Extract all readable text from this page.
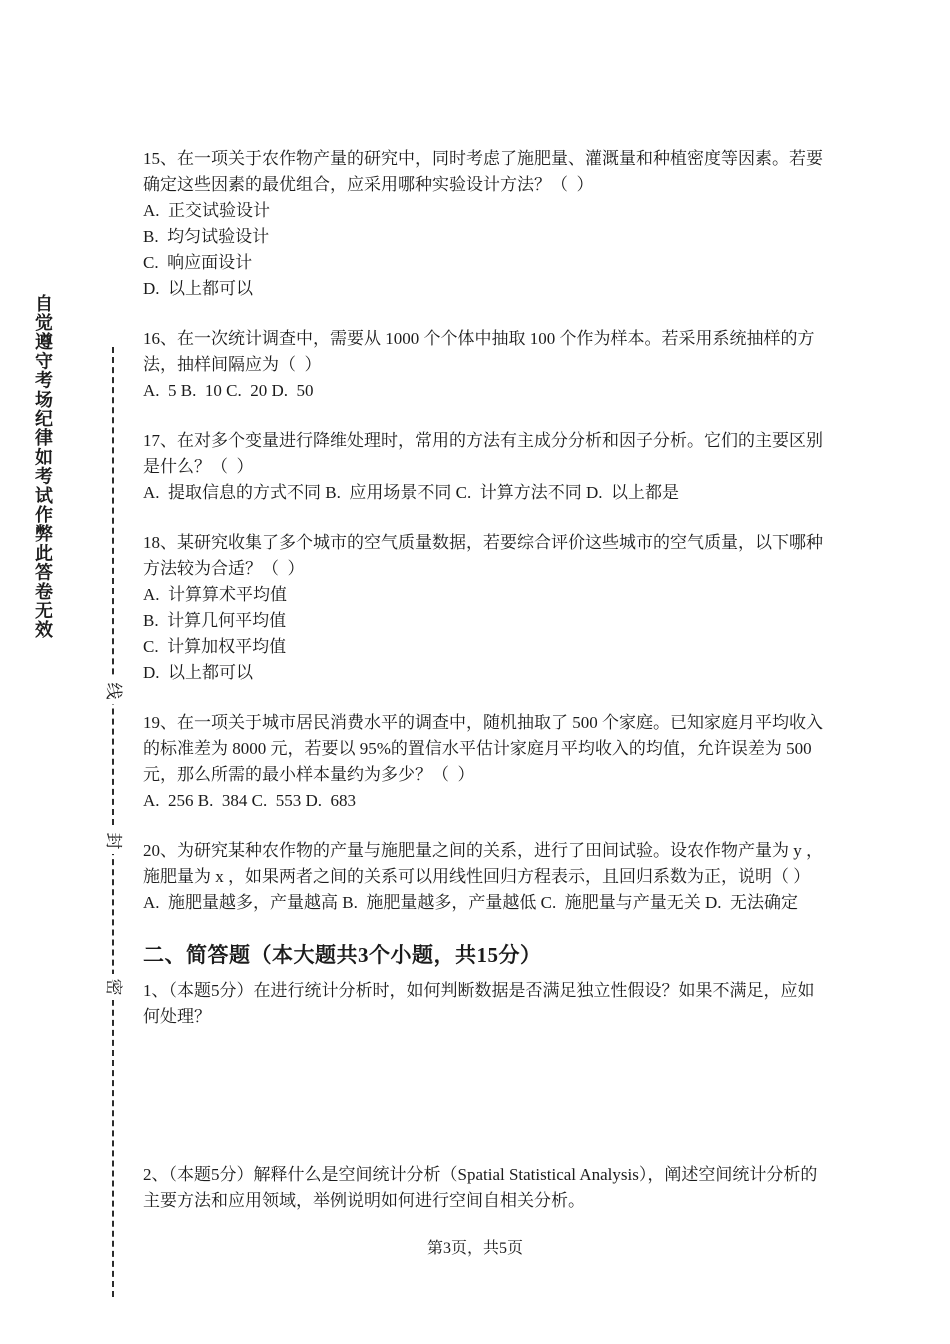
自觉遵守考场纪律如考试作弊此答卷无效
线
封
密

15、在一项关于农作物产量的研究中，同时考虑了施肥量、灌溉量和种植密度等因素。若要确定这些因素的最优组合，应采用哪种实验设计方法？（  ）

A.  正交试验设计

B.  均匀试验设计

C.  响应面设计

D.  以上都可以

16、在一次统计调查中，需要从 1000 个个体中抽取 100 个作为样本。若采用系统抽样的方法，抽样间隔应为（  ）

A.  5 B.  10 C.  20 D.  50

17、在对多个变量进行降维处理时，常用的方法有主成分分析和因子分析。它们的主要区别是什么？（  ）

A.  提取信息的方式不同 B.  应用场景不同 C.  计算方法不同 D.  以上都是

18、某研究收集了多个城市的空气质量数据，若要综合评价这些城市的空气质量，以下哪种方法较为合适？（  ）

A.  计算算术平均值

B.  计算几何平均值

C.  计算加权平均值

D.  以上都可以

19、在一项关于城市居民消费水平的调查中，随机抽取了 500 个家庭。已知家庭月平均收入的标准差为 8000 元，若要以 95%的置信水平估计家庭月平均收入的均值，允许误差为 500 元，那么所需的最小样本量约为多少？（  ）

A.  256 B.  384 C.  553 D.  683

20、为研究某种农作物的产量与施肥量之间的关系，进行了田间试验。设农作物产量为 y ，施肥量为 x ，如果两者之间的关系可以用线性回归方程表示，且回归系数为正，说明（ ）

A.  施肥量越多，产量越高 B.  施肥量越多，产量越低 C.  施肥量与产量无关 D.  无法确定

二、简答题（本大题共3个小题，共15分）

1、（本题5分）在进行统计分析时，如何判断数据是否满足独立性假设？如果不满足，应如何处理？

2、（本题5分）解释什么是空间统计分析（Spatial Statistical Analysis），阐述空间统计分析的主要方法和应用领域，举例说明如何进行空间自相关分析。

第3页，共5页
